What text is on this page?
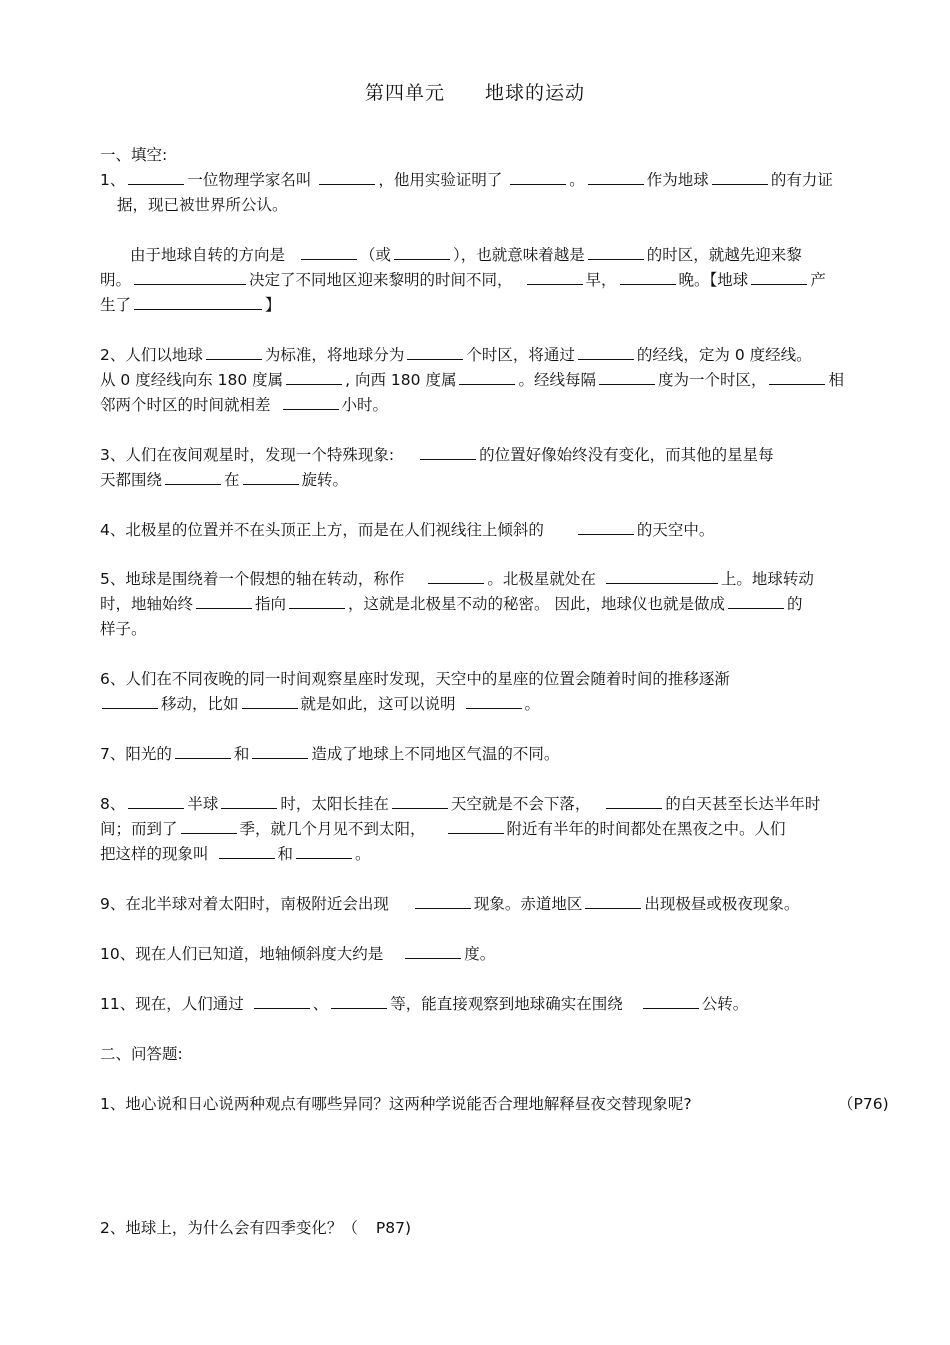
第四单元 地球的运动
一、填空:
1、	一位物理学家名叫	，他用实验证明了	。	作为地球	的有力证
据，现已被世界所公认。
由于地球自转的方向是	（或	），也就意味着越是	的时区，就越先迎来黎
明。	决定了不同地区迎来黎明的时间不同，	早，	晚。【地球	产
生了	】
2、人们以地球	为标准，将地球分为	个时区，将通过	的经线，定为 0 度经线。
从 0 度经线向东 180 度属	, 向西 180 度属	。经线每隔	度为一个时区，	相
邻两个时区的时间就相差	小时。
3、人们在夜间观星时，发现一个特殊现象:	的位置好像始终没有变化，而其他的星星每
天都围绕	在	旋转。
4、北极星的位置并不在头顶正上方，而是在人们视线往上倾斜的	的天空中。
5、地球是围绕着一个假想的轴在转动，称作	。北极星就处在	上。地球转动
时，地轴始终	指向	，这就是北极星不动的秘密。 因此，地球仪也就是做成	的
样子。
6、人们在不同夜晚的同一时间观察星座时发现，天空中的星座的位置会随着时间的推移逐渐
移动，比如	就是如此，这可以说明	。
7、阳光的	和	造成了地球上不同地区气温的不同。
8、	半球	时，太阳长挂在	天空就是不会下落，	的白天甚至长达半年时
间；而到了	季，就几个月见不到太阳，	附近有半年的时间都处在黑夜之中。人们
把这样的现象叫	和	。
9、在北半球对着太阳时，南极附近会出现	现象。赤道地区	出现极昼或极夜现象。
10、现在人们已知道，地轴倾斜度大约是	度。
11、现在，人们通过	、	等，能直接观察到地球确实在围绕	公转。
二、问答题:
1、地心说和日心说两种观点有哪些异同？这两种学说能否合理地解释昼夜交替现象呢?	（P76)
2、地球上，为什么会有四季变化？（ P87)
